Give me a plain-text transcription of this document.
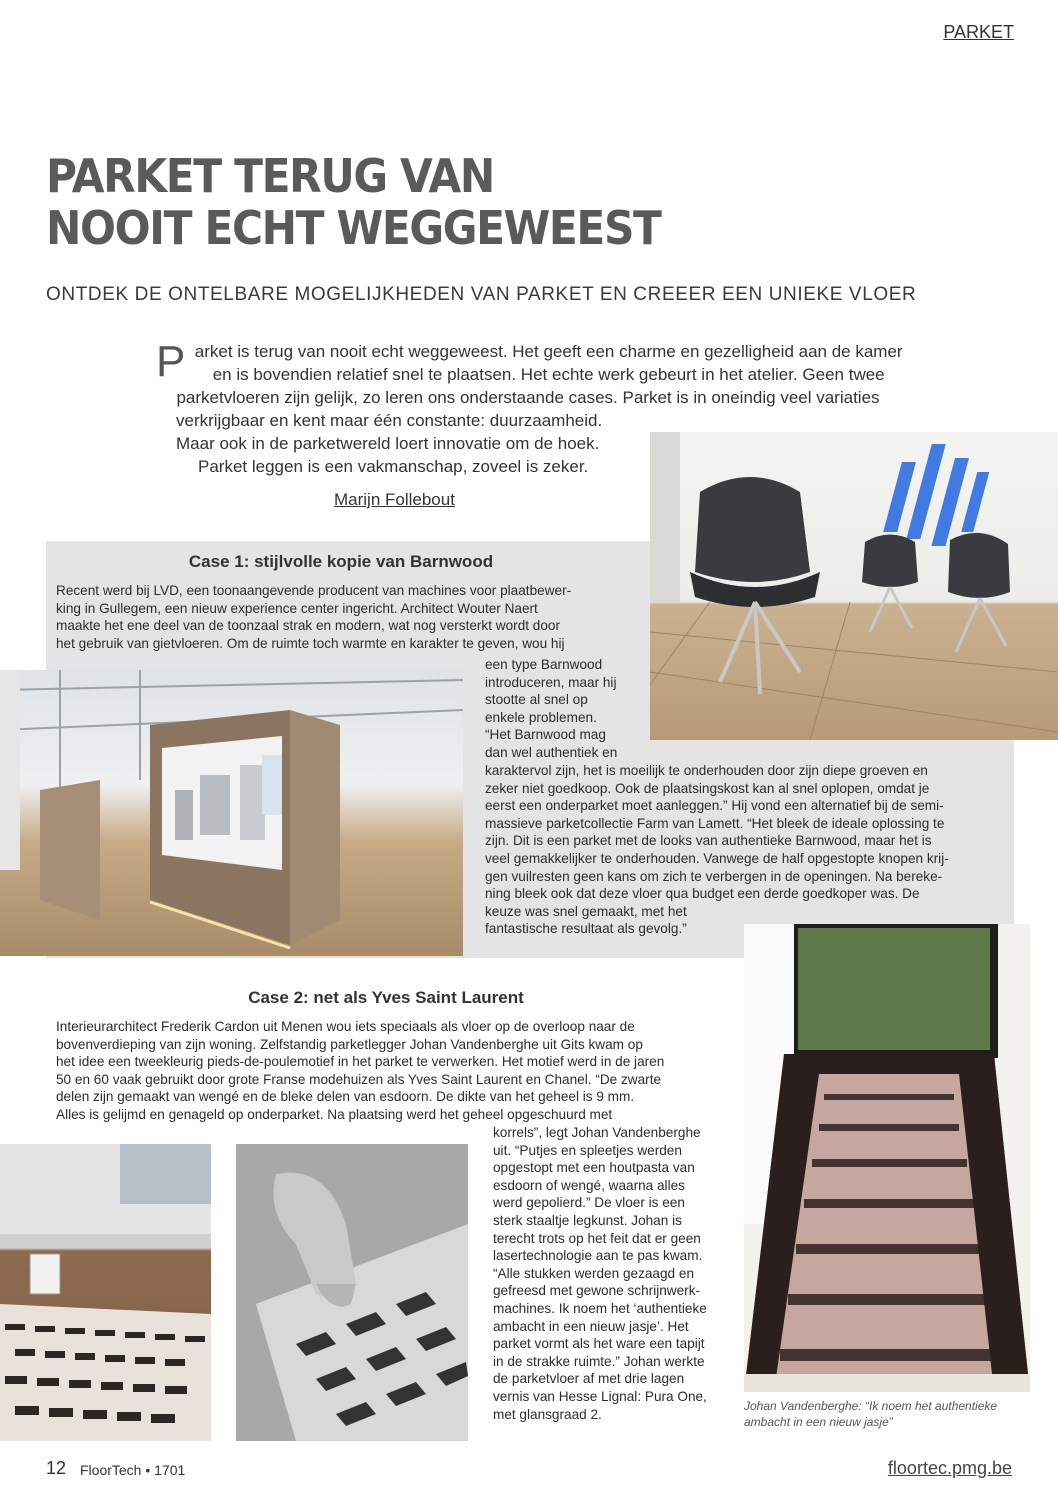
PARKET
PARKET TERUG VAN
NOOIT ECHT WEGGEWEEST
ONTDEK DE ONTELBARE MOGELIJKHEDEN VAN PARKET EN CREEER EEN UNIEKE VLOER
P arket is terug van nooit echt weggeweest. Het geeft een charme en gezelligheid aan de kamer
en is bovendien relatief snel te plaatsen. Het echte werk gebeurt in het atelier. Geen twee
parketvloeren zijn gelijk, zo leren ons onderstaande cases. Parket is in oneindig veel variaties
verkrijgbaar en kent maar één constante: duurzaamheid.
Maar ook in de parketwereld loert innovatie om de hoek.
Parket leggen is een vakmanschap, zoveel is zeker.
Marijn Follebout
Case 1: stijlvolle kopie van Barnwood
Recent werd bij LVD, een toonaangevende producent van machines voor plaatbewer-
king in Gullegem, een nieuw experience center ingericht. Architect Wouter Naert
maakte het ene deel van de toonzaal strak en modern, wat nog versterkt wordt door
het gebruik van gietvloeren. Om de ruimte toch warmte en karakter te geven, wou hij
een type Barnwood
introduceren, maar hij
stootte al snel op
enkele problemen.
“Het Barnwood mag
dan wel authentiek en
karaktervol zijn, het is moeilijk te onderhouden door zijn diepe groeven en
zeker niet goedkoop. Ook de plaatsingskost kan al snel oplopen, omdat je
eerst een onderparket moet aanleggen.” Hij vond een alternatief bij de semi-
massieve parketcollectie Farm van Lamett. “Het bleek de ideale oplossing te
zijn. Dit is een parket met de looks van authentieke Barnwood, maar het is
veel gemakkelijker te onderhouden. Vanwege de half opgestopte knopen krij-
gen vuilresten geen kans om zich te verbergen in de openingen. Na bereke-
ning bleek ook dat deze vloer qua budget een derde goedkoper was. De
keuze was snel gemaakt, met het
fantastische resultaat als gevolg.”
Case 2: net als Yves Saint Laurent
Interieurarchitect Frederik Cardon uit Menen wou iets speciaals als vloer op de overloop naar de
bovenverdieping van zijn woning. Zelfstandig parketlegger Johan Vandenberghe uit Gits kwam op
het idee een tweekleurig pieds-de-poulemotief in het parket te verwerken. Het motief werd in de jaren
50 en 60 vaak gebruikt door grote Franse modehuizen als Yves Saint Laurent en Chanel. “De zwarte
delen zijn gemaakt van wengé en de bleke delen van esdoorn. De dikte van het geheel is 9 mm.
Alles is gelijmd en genageld op onderparket. Na plaatsing werd het geheel opgeschuurd met
korrels”, legt Johan Vandenberghe
uit. “Putjes en spleetjes werden
opgestopt met een houtpasta van
esdoorn of wengé, waarna alles
werd gepolierd.” De vloer is een
sterk staaltje legkunst. Johan is
terecht trots op het feit dat er geen
lasertechnologie aan te pas kwam.
“Alle stukken werden gezaagd en
gefreesd met gewone schrijnwerk-
machines. Ik noem het ‘authentieke
ambacht in een nieuw jasje’. Het
parket vormt als het ware een tapijt
in de strakke ruimte.” Johan werkte
de parketvloer af met drie lagen
vernis van Hesse Lignal: Pura One,
met glansgraad 2.
Johan Vandenberghe: “Ik noem het authentieke ambacht in een nieuw jasje”
12 FloorTech • 1701	floortec.pmg.be
